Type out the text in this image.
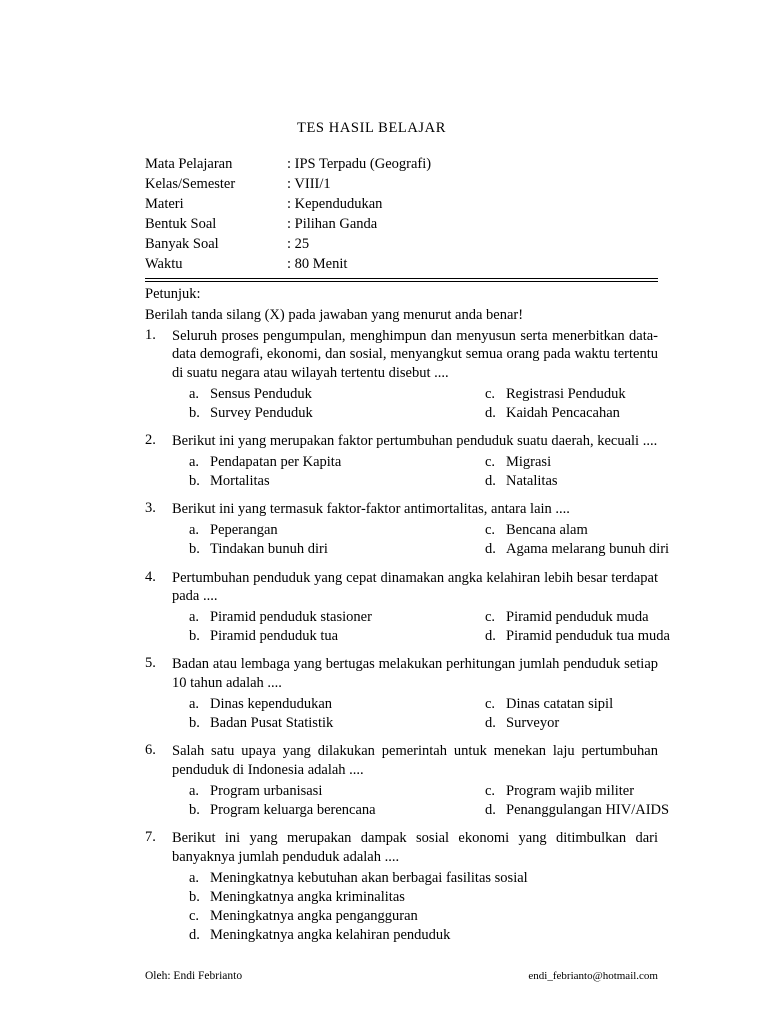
TES HASIL BELAJAR
Mata Pelajaran	: IPS Terpadu (Geografi)
Kelas/Semester	: VIII/1
Materi	: Kependudukan
Bentuk Soal	: Pilihan Ganda
Banyak Soal	: 25
Waktu	: 80 Menit
Petunjuk:
Berilah tanda silang (X) pada jawaban yang menurut anda benar!
1. Seluruh proses pengumpulan, menghimpun dan menyusun serta menerbitkan data-data demografi, ekonomi, dan sosial, menyangkut semua orang pada waktu tertentu di suatu negara atau wilayah tertentu disebut ....
a.	Sensus Penduduk	c.	Registrasi Penduduk
b.	Survey Penduduk	d.	Kaidah Pencacahan
2. Berikut ini yang merupakan faktor pertumbuhan penduduk suatu daerah, kecuali ....
a.	Pendapatan per Kapita	c.	Migrasi
b.	Mortalitas	d.	Natalitas
3. Berikut ini yang termasuk faktor-faktor antimortalitas, antara lain ....
a.	Peperangan	c.	Bencana alam
b.	Tindakan bunuh diri	d.	Agama melarang bunuh diri
4. Pertumbuhan penduduk yang cepat dinamakan angka kelahiran lebih besar terdapat pada ....
a.	Piramid penduduk stasioner	c.	Piramid penduduk muda
b.	Piramid penduduk tua	d.	Piramid penduduk tua muda
5. Badan atau lembaga yang bertugas melakukan perhitungan jumlah penduduk setiap 10 tahun adalah ....
a.	Dinas kependudukan	c.	Dinas catatan sipil
b.	Badan Pusat Statistik	d.	Surveyor
6. Salah satu upaya yang dilakukan pemerintah untuk menekan laju pertumbuhan penduduk di Indonesia adalah ....
a.	Program urbanisasi	c.	Program wajib militer
b.	Program keluarga berencana	d.	Penanggulangan HIV/AIDS
7. Berikut ini yang merupakan dampak sosial ekonomi yang ditimbulkan dari banyaknya jumlah penduduk adalah ....
a.	Meningkatnya kebutuhan akan berbagai fasilitas sosial
b.	Meningkatnya angka kriminalitas
c.	Meningkatnya angka pengangguran
d.	Meningkatnya angka kelahiran penduduk
Oleh: Endi Febrianto	endi_febrianto@hotmail.com
